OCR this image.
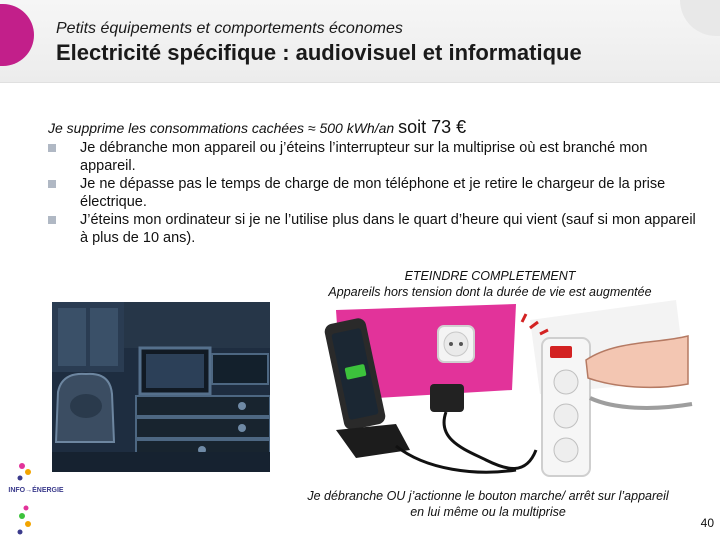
Petits équipements et comportements économes
Electricité spécifique : audiovisuel et informatique
Je supprime les consommations cachées ≈ 500 kWh/an soit 73 €
Je débranche mon appareil ou j’éteins l’interrupteur sur la multiprise où est branché mon appareil.
Je ne dépasse pas le temps de charge de mon téléphone et je retire le chargeur de la prise électrique.
J’éteins mon ordinateur si je ne l’utilise plus dans le quart d’heure qui vient (sauf si mon appareil à plus de 10 ans).
ETEINDRE COMPLETEMENT
Appareils hors tension dont la durée de vie est augmentée
Je débranche OU j’actionne le bouton marche/ arrêt sur l’appareil
en lui même ou la multiprise
INFO→ÉNERGIE
40
